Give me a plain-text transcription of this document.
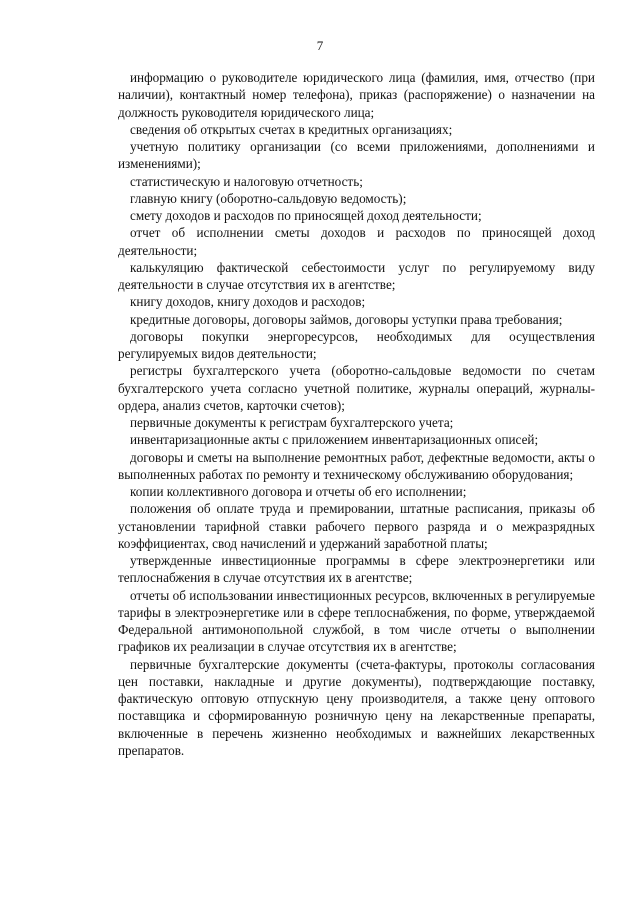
7

информацию о руководителе юридического лица (фамилия, имя, отчество (при наличии), контактный номер телефона), приказ (распоряжение) о назначении на должность руководителя юридического лица;

сведения об открытых счетах в кредитных организациях;

учетную политику организации (со всеми приложениями, дополнениями и изменениями);

статистическую и налоговую отчетность;

главную книгу (оборотно-сальдовую ведомость);

смету доходов и расходов по приносящей доход деятельности;

отчет об исполнении сметы доходов и расходов по приносящей доход деятельности;

калькуляцию фактической себестоимости услуг по регулируемому виду деятельности в случае отсутствия их в агентстве;

книгу доходов, книгу доходов и расходов;

кредитные договоры, договоры займов, договоры уступки права требования;

договоры покупки энергоресурсов, необходимых для осуществления регулируемых видов деятельности;

регистры бухгалтерского учета (оборотно-сальдовые ведомости по счетам бухгалтерского учета согласно учетной политике, журналы операций, журналы-ордера, анализ счетов, карточки счетов);

первичные документы к регистрам бухгалтерского учета;

инвентаризационные акты с приложением инвентаризационных описей;

договоры и сметы на выполнение ремонтных работ, дефектные ведомости, акты о выполненных работах по ремонту и техническому обслуживанию оборудования;

копии коллективного договора и отчеты об его исполнении;

положения об оплате труда и премировании, штатные расписания, приказы об установлении тарифной ставки рабочего первого разряда и о межразрядных коэффициентах, свод начислений и удержаний заработной платы;

утвержденные инвестиционные программы в сфере электроэнергетики или теплоснабжения в случае отсутствия их в агентстве;

отчеты об использовании инвестиционных ресурсов, включенных в регулируемые тарифы в электроэнергетике или в сфере теплоснабжения, по форме, утверждаемой Федеральной антимонопольной службой, в том числе отчеты о выполнении графиков их реализации в случае отсутствия их в агентстве;

первичные бухгалтерские документы (счета-фактуры, протоколы согласования цен поставки, накладные и другие документы), подтверждающие поставку, фактическую оптовую отпускную цену производителя, а также цену оптового поставщика и сформированную розничную цену на лекарственные препараты, включенные в перечень жизненно необходимых и важнейших лекарственных препаратов.
